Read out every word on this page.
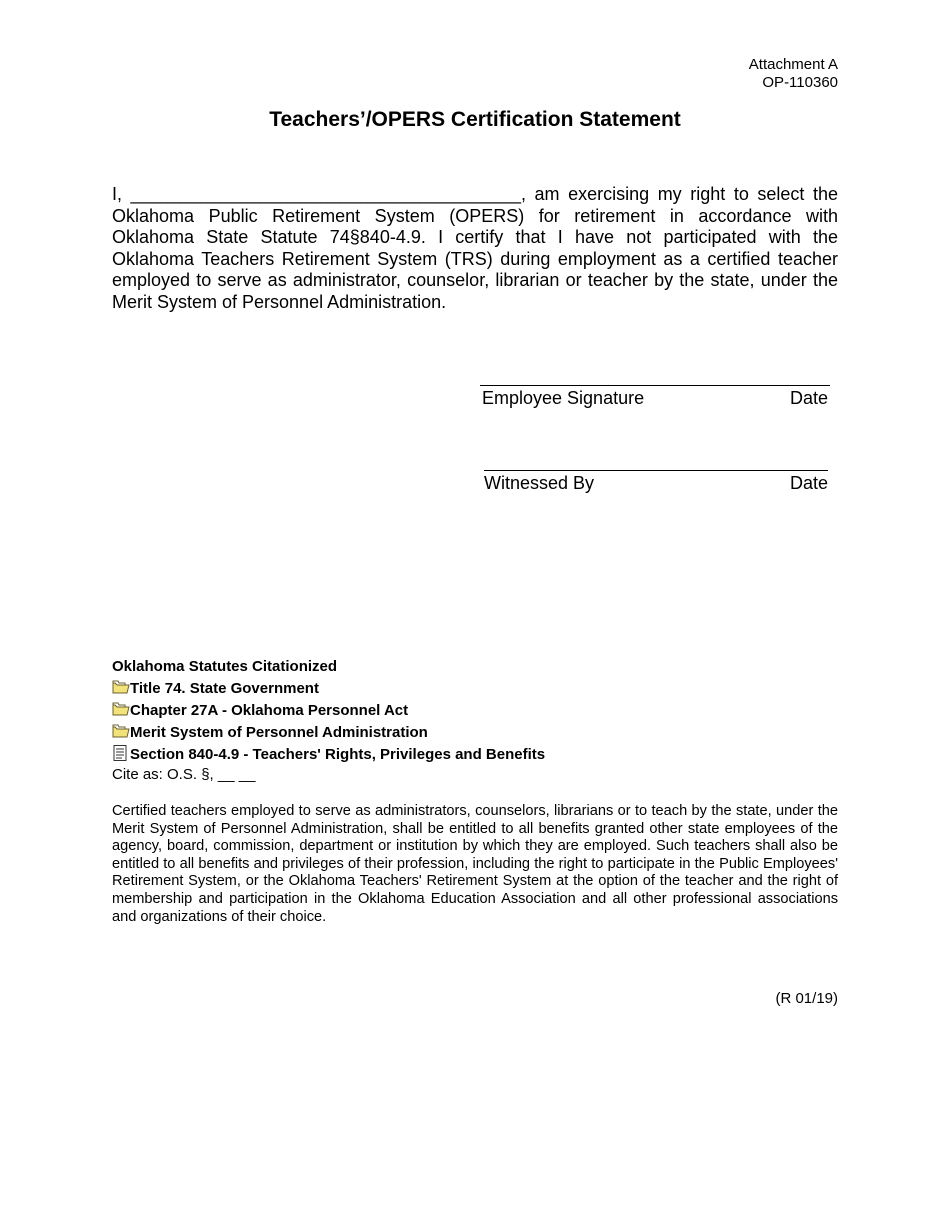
Attachment A
OP-110360
Teachers’/OPERS Certification Statement

I, _______________________________________, am exercising my right to select the Oklahoma Public Retirement System (OPERS) for retirement in accordance with Oklahoma State Statute 74§840-4.9. I certify that I have not participated with the Oklahoma Teachers Retirement System (TRS) during employment as a certified teacher employed to serve as administrator, counselor, librarian or teacher by the state, under the Merit System of Personnel Administration.

Employee Signature	Date
Witnessed By	Date
Oklahoma Statutes Citationized
Title 74. State Government
Chapter 27A - Oklahoma Personnel Act
Merit System of Personnel Administration
Section 840-4.9 - Teachers' Rights, Privileges and Benefits
Cite as: O.S. §, __ __

Certified teachers employed to serve as administrators, counselors, librarians or to teach by the state, under the Merit System of Personnel Administration, shall be entitled to all benefits granted other state employees of the agency, board, commission, department or institution by which they are employed. Such teachers shall also be entitled to all benefits and privileges of their profession, including the right to participate in the Public Employees' Retirement System, or the Oklahoma Teachers' Retirement System at the option of the teacher and the right of membership and participation in the Oklahoma Education Association and all other professional associations and organizations of their choice.

(R 01/19)
